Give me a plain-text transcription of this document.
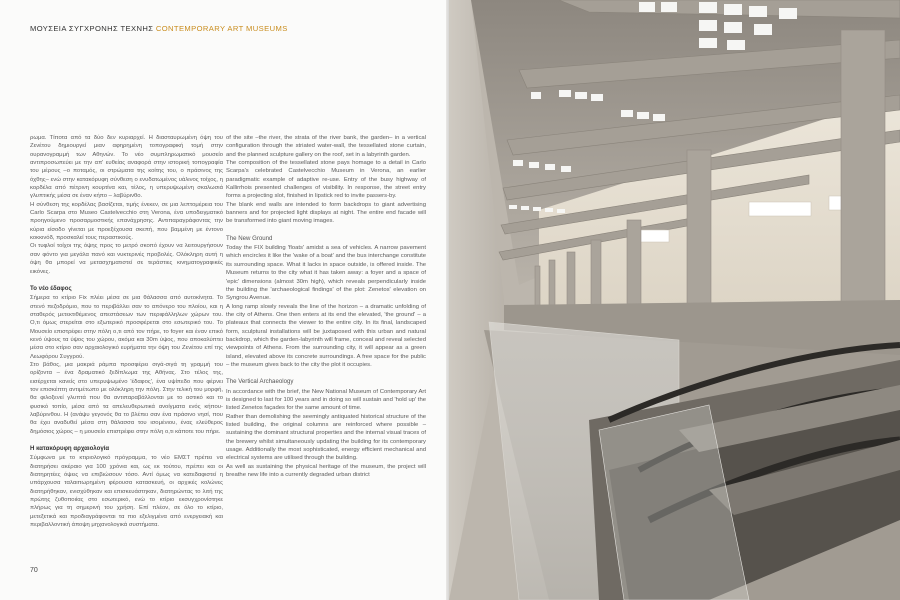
ΜΟΥΣΕΙΑ ΣΥΓΧΡΟΝΗΣ ΤΕΧΝΗΣ CONTEMPORARY ART MUSEUMS

ρωμα. Τίποτα από τα δύο δεν κυριαρχεί. Η διασταυρωμένη όψη του Ζενέτου δημιουργεί μιαν αφηρημένη τοπογραφική τομή στην ουρανογραμμή των Αθηνών. Το νέο συμπληρωματικό μουσείο αντιπροσωπεύει με την απ' ευθείας αναφορά στην ιστορική τοπογραφία του μέρους –ο ποταμός, οι στρώματα της κοίτης του, ο πράσινος της όχθης– ενώ στην κατακόρυφη σύνθεση ο ενυδατωμένος υάλινος τοίχος, η κορδέλα από πέτρινη κουρτίνα και, τέλος, η υπερυψωμένη σκαλωσιά γλυπτικής μέσα σε έναν κήπο – λαβύρινθο.

Η σύνθεση της κορδέλας βασίζεται, τιμής ένεκεν, σε μια λεπτομέρεια του Carlo Scarpa στο Museo Castelvecchio στη Verona, ένα υποδειγματικό προηγούμενο προσαρμοστικής επανάχρησης. Αντιπαραγράφοντας την κύρια είσοδο γίνεται με προεξέχουσα σκεπή, που βαμμένη με έντονο κοκκινόδ, προσκαλεί τους περαστικούς.

Οι τυφλοί τοίχοι της όψης προς το μετρό σκοπό έχουν να λειτουργήσουν σαν φόντο για μεγάλα πανό και νυκτερινές προβολές. Ολόκληρη αυτή η όψη θα μπορεί να μετασχηματιστεί σε τεράστιες κινηματογραφικές εικόνες.

Το νέο έδαφος

Σήμερα το κτίριο Fix πλέει μέσα σε μια θάλασσα από αυτοκίνητα. Το στενό πεζοδρόμιο, που το περιβάλλει σαν το απόνερο του πλοίου, και η σταθερός μετεκτιθέμενος απεστάσεων των περιφάλληλων χώρων του. Ο,τι όμως στερείται στο εξωτερικό προσφέρεται στο εσωτερικό του. Το Μουσείο επιστρέφει στην πόλη ο,τι από τον πήρε, το foyer και έναν επικό κενό ύψους τα ύψος του χώρου, ακόμα και 30m ύψος, που αποκαλύπτει μέσα στο κτίριο σαν αρχαιολογικό ευρήματα την όψη του Ζενέτου επί της Λεωφόρου Συγγρού.

Στο βάθος, μια μακριά ράμπα προσφέρει σιγά-σιγά τη γραμμή του ορίζοντα – ένα δραματικό ξεδίπλωμα της Αθήνας. Στο τέλος της, εισέρχεται κανείς στο υπερυψωμένο 'έδαφος', ένα υψίπεδο που φέρνει τον επισκέπτη αντιμέτωπο με ολόκληρη την πόλη. Στην τελική του μορφή, θα φιλοξενεί γλυπτά που θα αντιπαραβάλλονται με το αστικό και το φυσικό τοπίο, μέσα από τα απελευθερωτικά ανοίγματα ενός κήπου-λαβύρινθου. Η (ανάψυ γεγονός θα το βλέπει σαν ένα πράσινο νησί, που θα έχει αναδυθεί μέσα στη θάλασσα του ισομένιου, ένας ελεύθερος δημόσιος χώρος – η μουσείο επιστρέφει στην πόλη ο,τι κάποτε του πήρε.

Η κατακόρυφη αρχαιολογία

Σύμφωνα με το κτιριολογικό πρόγραμμα, το νέο ΕΜΣΤ πρέπει να διατηρήσει ακέραιο για 100 χρόνια και, ως εκ τούτου, πρέπει και οι διατηρητέες όψεις να επιβιώσουν τόσο. Αντί όμως να κατεδαφιστεί η υπάρχουσα ταλαιπωρημένη φέρουσα κατασκευή, οι αρχικές κολώνες διατηρήθηκαν, ενισχύθηκαν και επισκευάστηκαν, διατηρώντας το λιτή της πρώτης ζυθοποιίας στο εσωτερικό, ενώ το κτίριο εκσυγχρονίστηκε πλήρως για τη σημερινή του χρήση. Επί πλέον, σε όλο το κτίριο, μετεξετικά και προδιαγράφονται τα πιο εξελιγμένα από ενεργειακή και περιβαλλοντική άποψη μηχανολογικά συστήματα.

of the site –the river, the strata of the river bank, the garden– in a vertical configuration through the striated water-wall, the tessellated stone curtain, and the planned sculpture gallery on the roof, set in a labyrinth garden.

The composition of the tessellated stone pays homage to a detail in Carlo Scarpa's celebrated Castelvecchio Museum in Verona, an earlier paradigmatic example of adaptive re-use. Entry of the busy highway of Kallirrhois presented challenges of visibility. In response, the street entry forms a projecting slot, finished in lipstick red to invite passers-by.

The blank end walls are intended to form backdrops to giant advertising banners and for projected light displays at night. The entire end facade will be transformed into giant moving images.

The New Ground

Today the FIX building 'floats' amidst a sea of vehicles. A narrow pavement which encircles it like the 'wake of a boat' and the bus interchange constitute its surrounding space. What it lacks in space outside, is offered inside. The Museum returns to the city what it has taken away: a foyer and a space of 'epic' dimensions (almost 30m high), which reveals perpendicularly inside the building the 'archaeological findings' of the plot: Zenetos' elevation on Syngrou Avenue.

A long ramp slowly reveals the line of the horizon – a dramatic unfolding of the city of Athens. One then enters at its end the elevated, 'the ground' – a plateaux that connects the viewer to the entire city. In its final, landscaped form, sculptural installations will be juxtaposed with this urban and natural backdrop, which the garden-labyrinth will frame, conceal and reveal selected viewpoints of Athens. From the surrounding city, it will appear as a green island, elevated above its concrete surroundings. A free space for the public – the museum gives back to the city the plot it occupies.

The Vertical Archaeology

In accordance with the brief, the New National Museum of Contemporary Art is designed to last for 100 years and in doing so will sustain and 'hold up' the listed Zenetos façades for the same amount of time.

Rather than demolishing the seemingly antiquated historical structure of the listed building, the original columns are reinforced where possible – sustaining the dominant structural properties and the internal visual traces of the brewery whilst simultaneously updating the building for its contemporary usage. Additionally the most sophisticated, energy efficient mechanical and electrical systems are utilised through the building.

As well as sustaining the physical heritage of the museum, the project will breathe new life into a currently degraded urban district

70
